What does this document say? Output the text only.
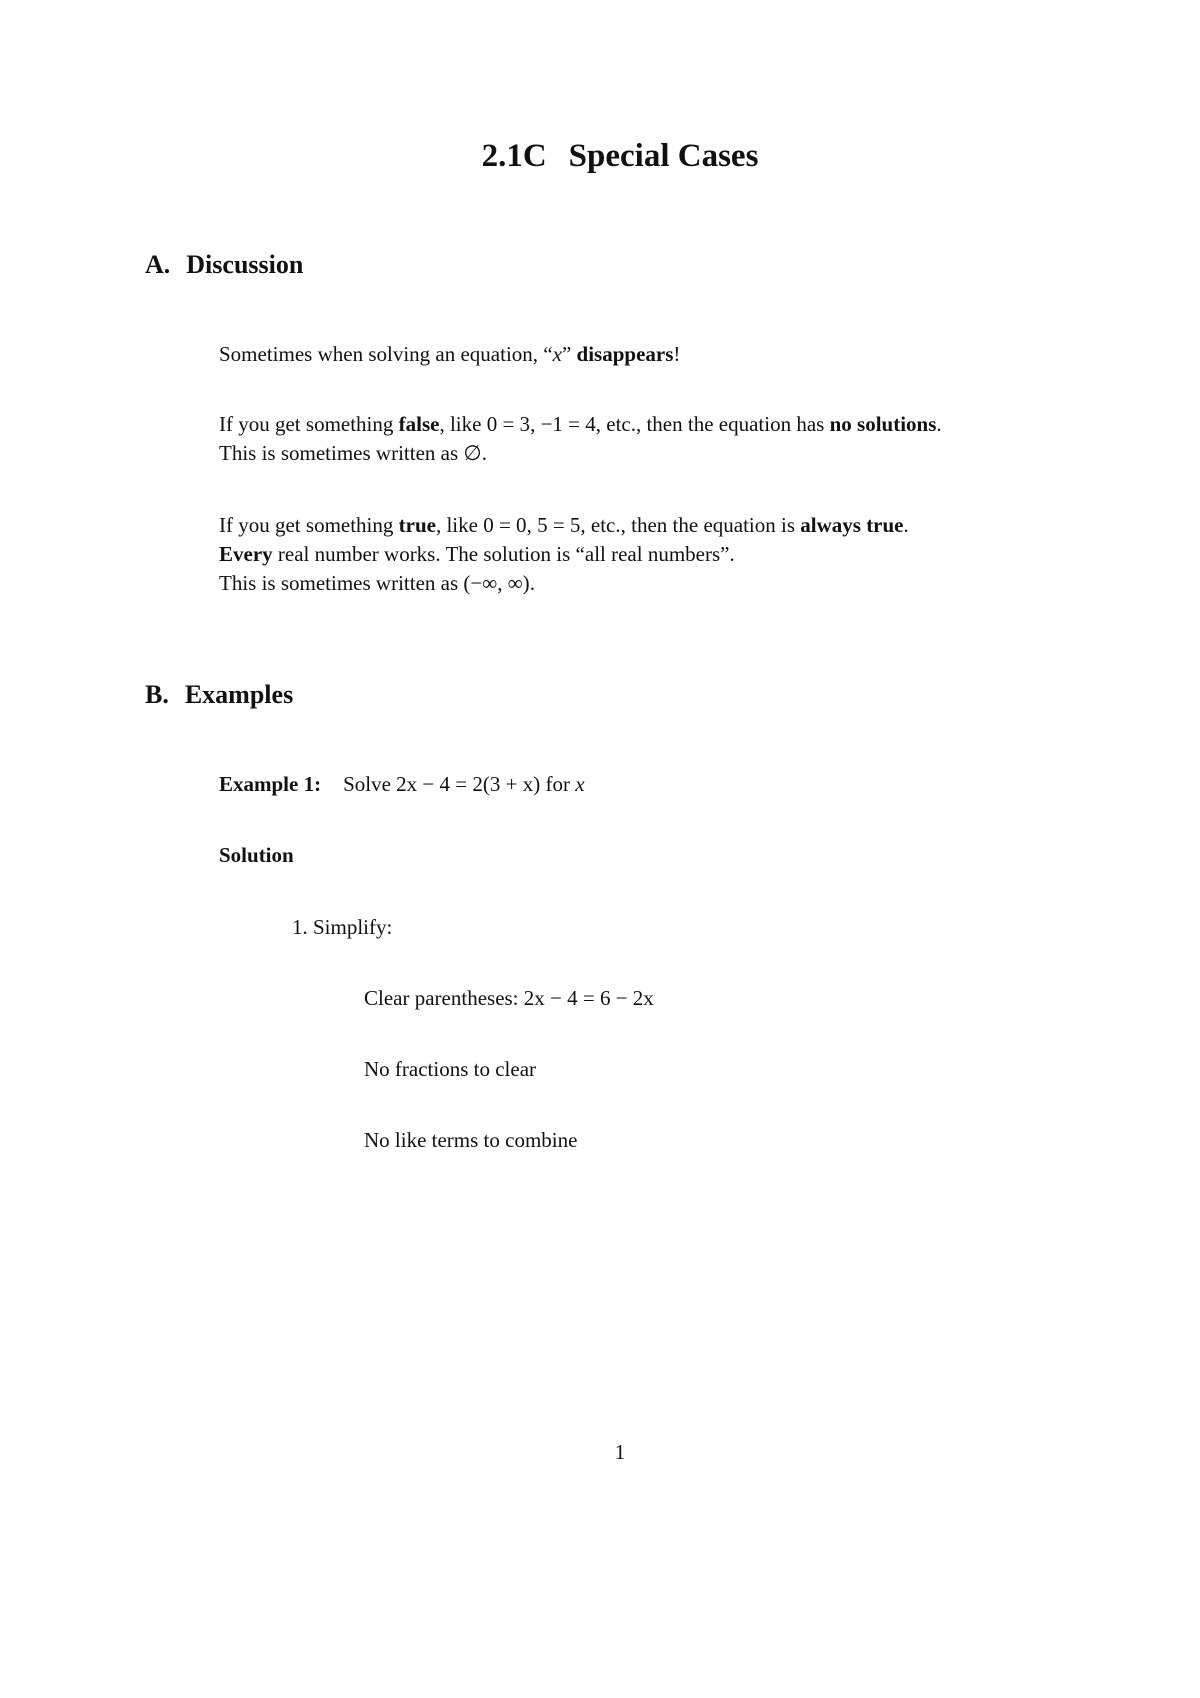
2.1C Special Cases
A. Discussion

Sometimes when solving an equation, “x” disappears!

If you get something false, like 0 = 3, −1 = 4, etc., then the equation has no solutions.

This is sometimes written as ∅.

If you get something true, like 0 = 0, 5 = 5, etc., then the equation is always true.

Every real number works. The solution is “all real numbers”.

This is sometimes written as (−∞, ∞).

B. Examples

Example 1: Solve 2x − 4 = 2(3 + x) for x

Solution

1. Simplify:

Clear parentheses: 2x − 4 = 6 − 2x

No fractions to clear

No like terms to combine

1
